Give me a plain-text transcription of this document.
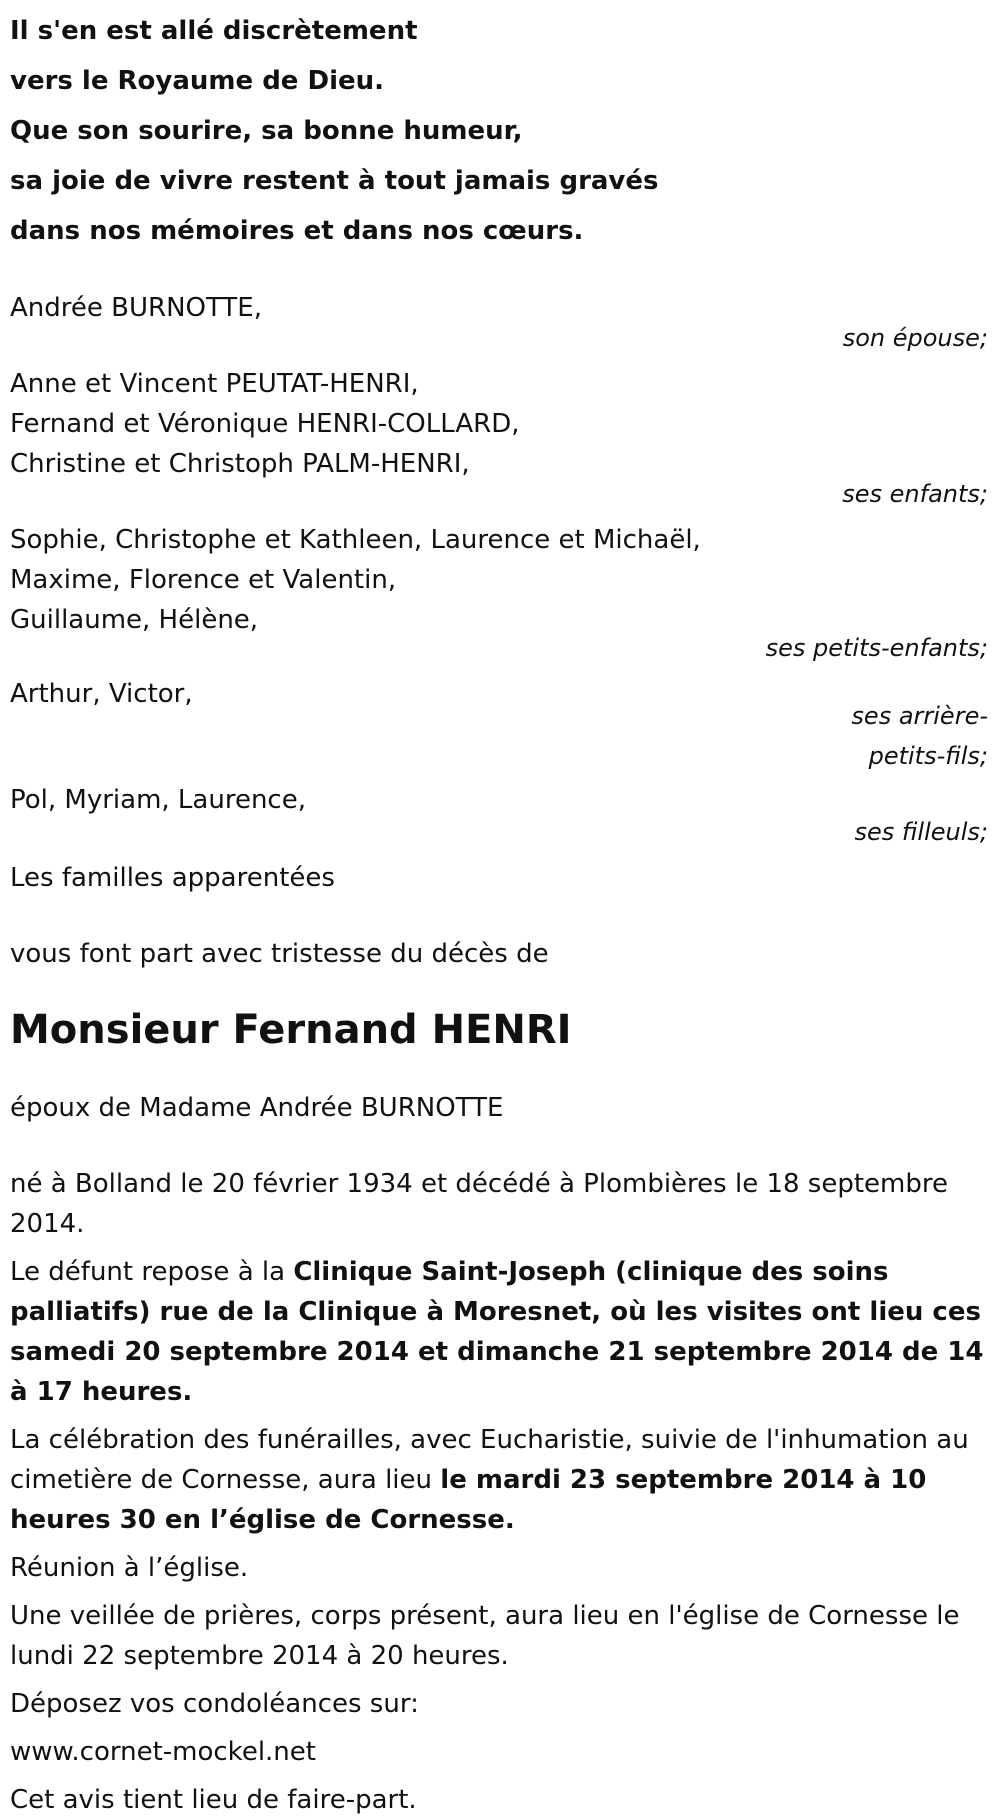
Il s'en est allé discrètement
vers le Royaume de Dieu.
Que son sourire, sa bonne humeur,
sa joie de vivre restent à tout jamais gravés
dans nos mémoires et dans nos cœurs.
Andrée BURNOTTE,
son épouse;
Anne et Vincent PEUTAT-HENRI,
Fernand et Véronique HENRI-COLLARD,
Christine et Christoph PALM-HENRI,
ses enfants;
Sophie, Christophe et Kathleen, Laurence et Michaël,
Maxime, Florence et Valentin,
Guillaume, Hélène,
ses petits-enfants;
Arthur, Victor,
ses arrière-
petits-fils;
Pol, Myriam, Laurence,
ses filleuls;
Les familles apparentées
vous font part avec tristesse du décès de
Monsieur Fernand HENRI
époux de Madame Andrée BURNOTTE
né à Bolland le 20 février 1934 et décédé à Plombières le 18 septembre 2014.
Le défunt repose à la Clinique Saint-Joseph (clinique des soins palliatifs) rue de la Clinique à Moresnet, où les visites ont lieu ces samedi 20 septembre 2014 et dimanche 21 septembre 2014 de 14 à 17 heures.
La célébration des funérailles, avec Eucharistie, suivie de l'inhumation au cimetière de Cornesse, aura lieu le mardi 23 septembre 2014 à 10 heures 30 en l’église de Cornesse.
Réunion à l’église.
Une veillée de prières, corps présent, aura lieu en l'église de Cornesse le lundi 22 septembre 2014 à 20 heures.
Déposez vos condoléances sur:
www.cornet-mockel.net
Cet avis tient lieu de faire-part.
